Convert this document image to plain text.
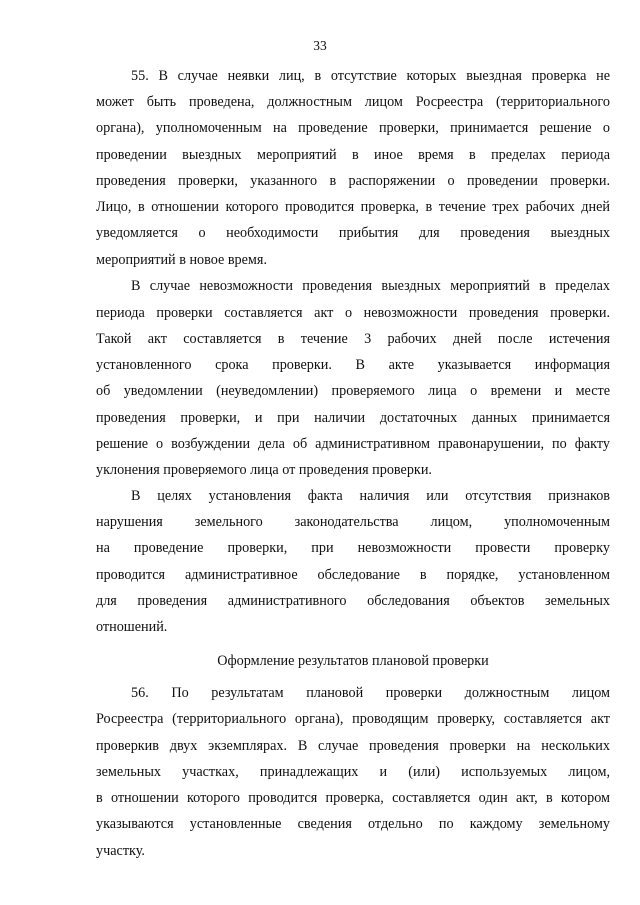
33
55. В случае неявки лиц, в отсутствие которых выездная проверка не
может быть проведена, должностным лицом Росреестра (территориального
органа), уполномоченным на проведение проверки, принимается решение о
проведении выездных мероприятий в иное время в пределах периода
проведения проверки, указанного в распоряжении о проведении проверки.
Лицо, в отношении которого проводится проверка, в течение трех рабочих дней
уведомляется о необходимости прибытия для проведения выездных
мероприятий в новое время.
В случае невозможности проведения выездных мероприятий в пределах
периода проверки составляется акт о невозможности проведения проверки.
Такой акт составляется в течение 3 рабочих дней после истечения
установленного срока проверки. В акте указывается информация
об уведомлении (неуведомлении) проверяемого лица о времени и месте
проведения проверки, и при наличии достаточных данных принимается
решение о возбуждении дела об административном правонарушении, по факту
уклонения проверяемого лица от проведения проверки.
В целях установления факта наличия или отсутствия признаков
нарушения земельного законодательства лицом, уполномоченным
на проведение проверки, при невозможности провести проверку
проводится административное обследование в порядке, установленном
для проведения административного обследования объектов земельных
отношений.
Оформление результатов плановой проверки
56. По результатам плановой проверки должностным лицом
Росреестра (территориального органа), проводящим проверку, составляется акт
проверкив двух экземплярах. В случае проведения проверки на нескольких
земельных участках, принадлежащих и (или) используемых лицом,
в отношении которого проводится проверка, составляется один акт, в котором
указываются установленные сведения отдельно по каждому земельному
участку.
